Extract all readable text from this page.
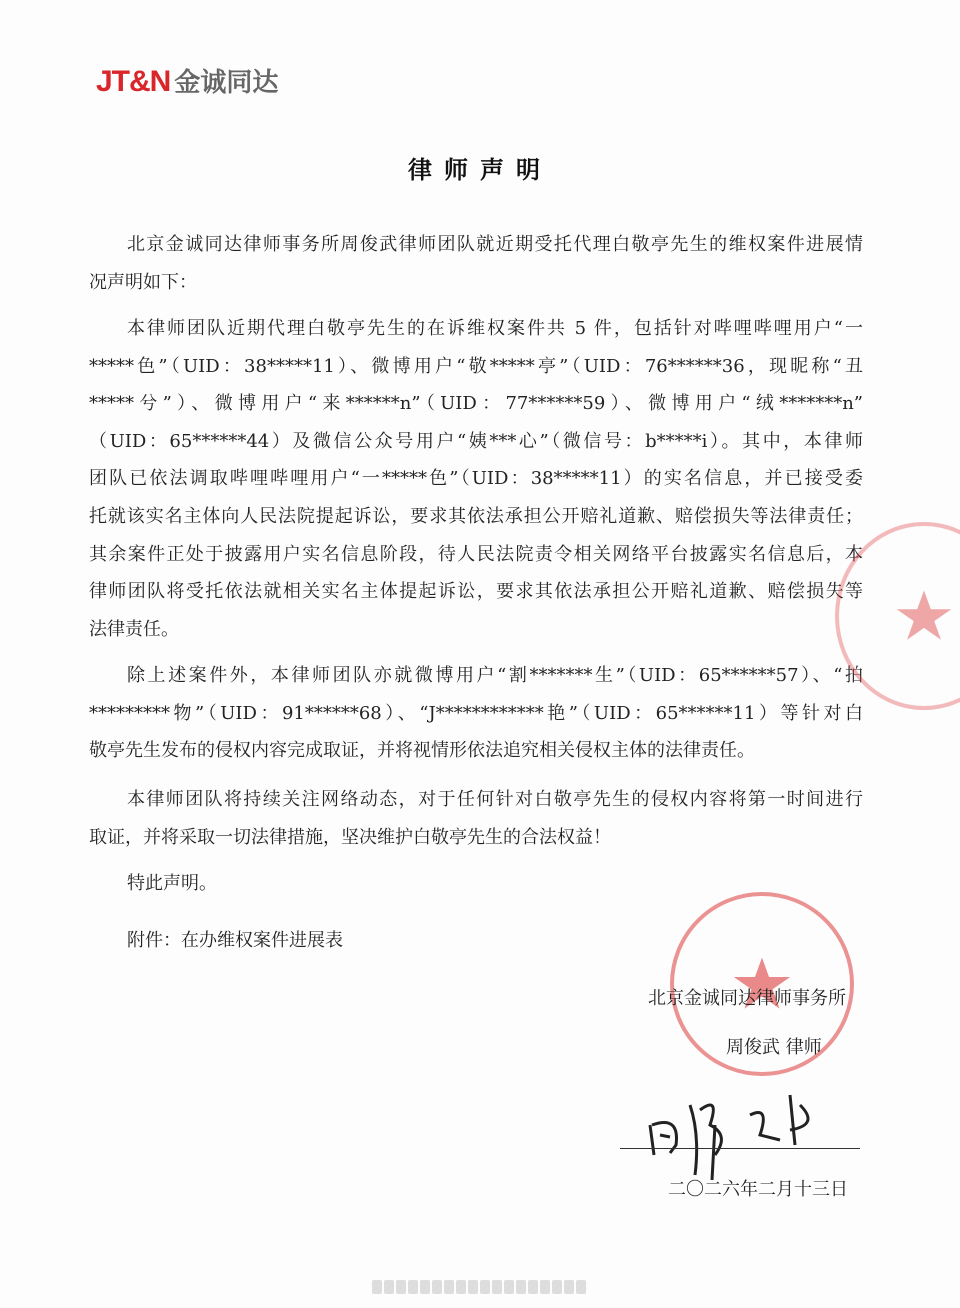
JT&N 金诚同达
律师声明
北京金诚同达律师事务所周俊武律师团队就近期受托代理白敬亭先生的维权案件进展情
况声明如下：
本律师团队近期代理白敬亭先生的在诉维权案件共 5 件，包括针对哔哩哔哩用户“一
*****色”（UID：38*****11）、微博用户“敬*****亭”（UID：76******36，现昵称“丑
*****兮”）、微博用户“来******n”（UID：77******59）、微博用户“绒*******n”
（UID：65******44）及微信公众号用户“姨***心”（微信号：b*****i）。其中，本律师
团队已依法调取哔哩哔哩用户“一*****色”（UID：38*****11）的实名信息，并已接受委
托就该实名主体向人民法院提起诉讼，要求其依法承担公开赔礼道歉、赔偿损失等法律责任；
其余案件正处于披露用户实名信息阶段，待人民法院责令相关网络平台披露实名信息后，本
律师团队将受托依法就相关实名主体提起诉讼，要求其依法承担公开赔礼道歉、赔偿损失等
法律责任。
除上述案件外，本律师团队亦就微博用户“割*******生”（UID：65******57）、“拍
*********物”（UID：91******68）、“J************艳”（UID：65******11）等针对白
敬亭先生发布的侵权内容完成取证，并将视情形依法追究相关侵权主体的法律责任。
本律师团队将持续关注网络动态，对于任何针对白敬亭先生的侵权内容将第一时间进行
取证，并将采取一切法律措施，坚决维护白敬亭先生的合法权益！
特此声明。
附件：在办维权案件进展表
北京金诚同达律师事务所
周俊武 律师
二〇二六年二月十三日
